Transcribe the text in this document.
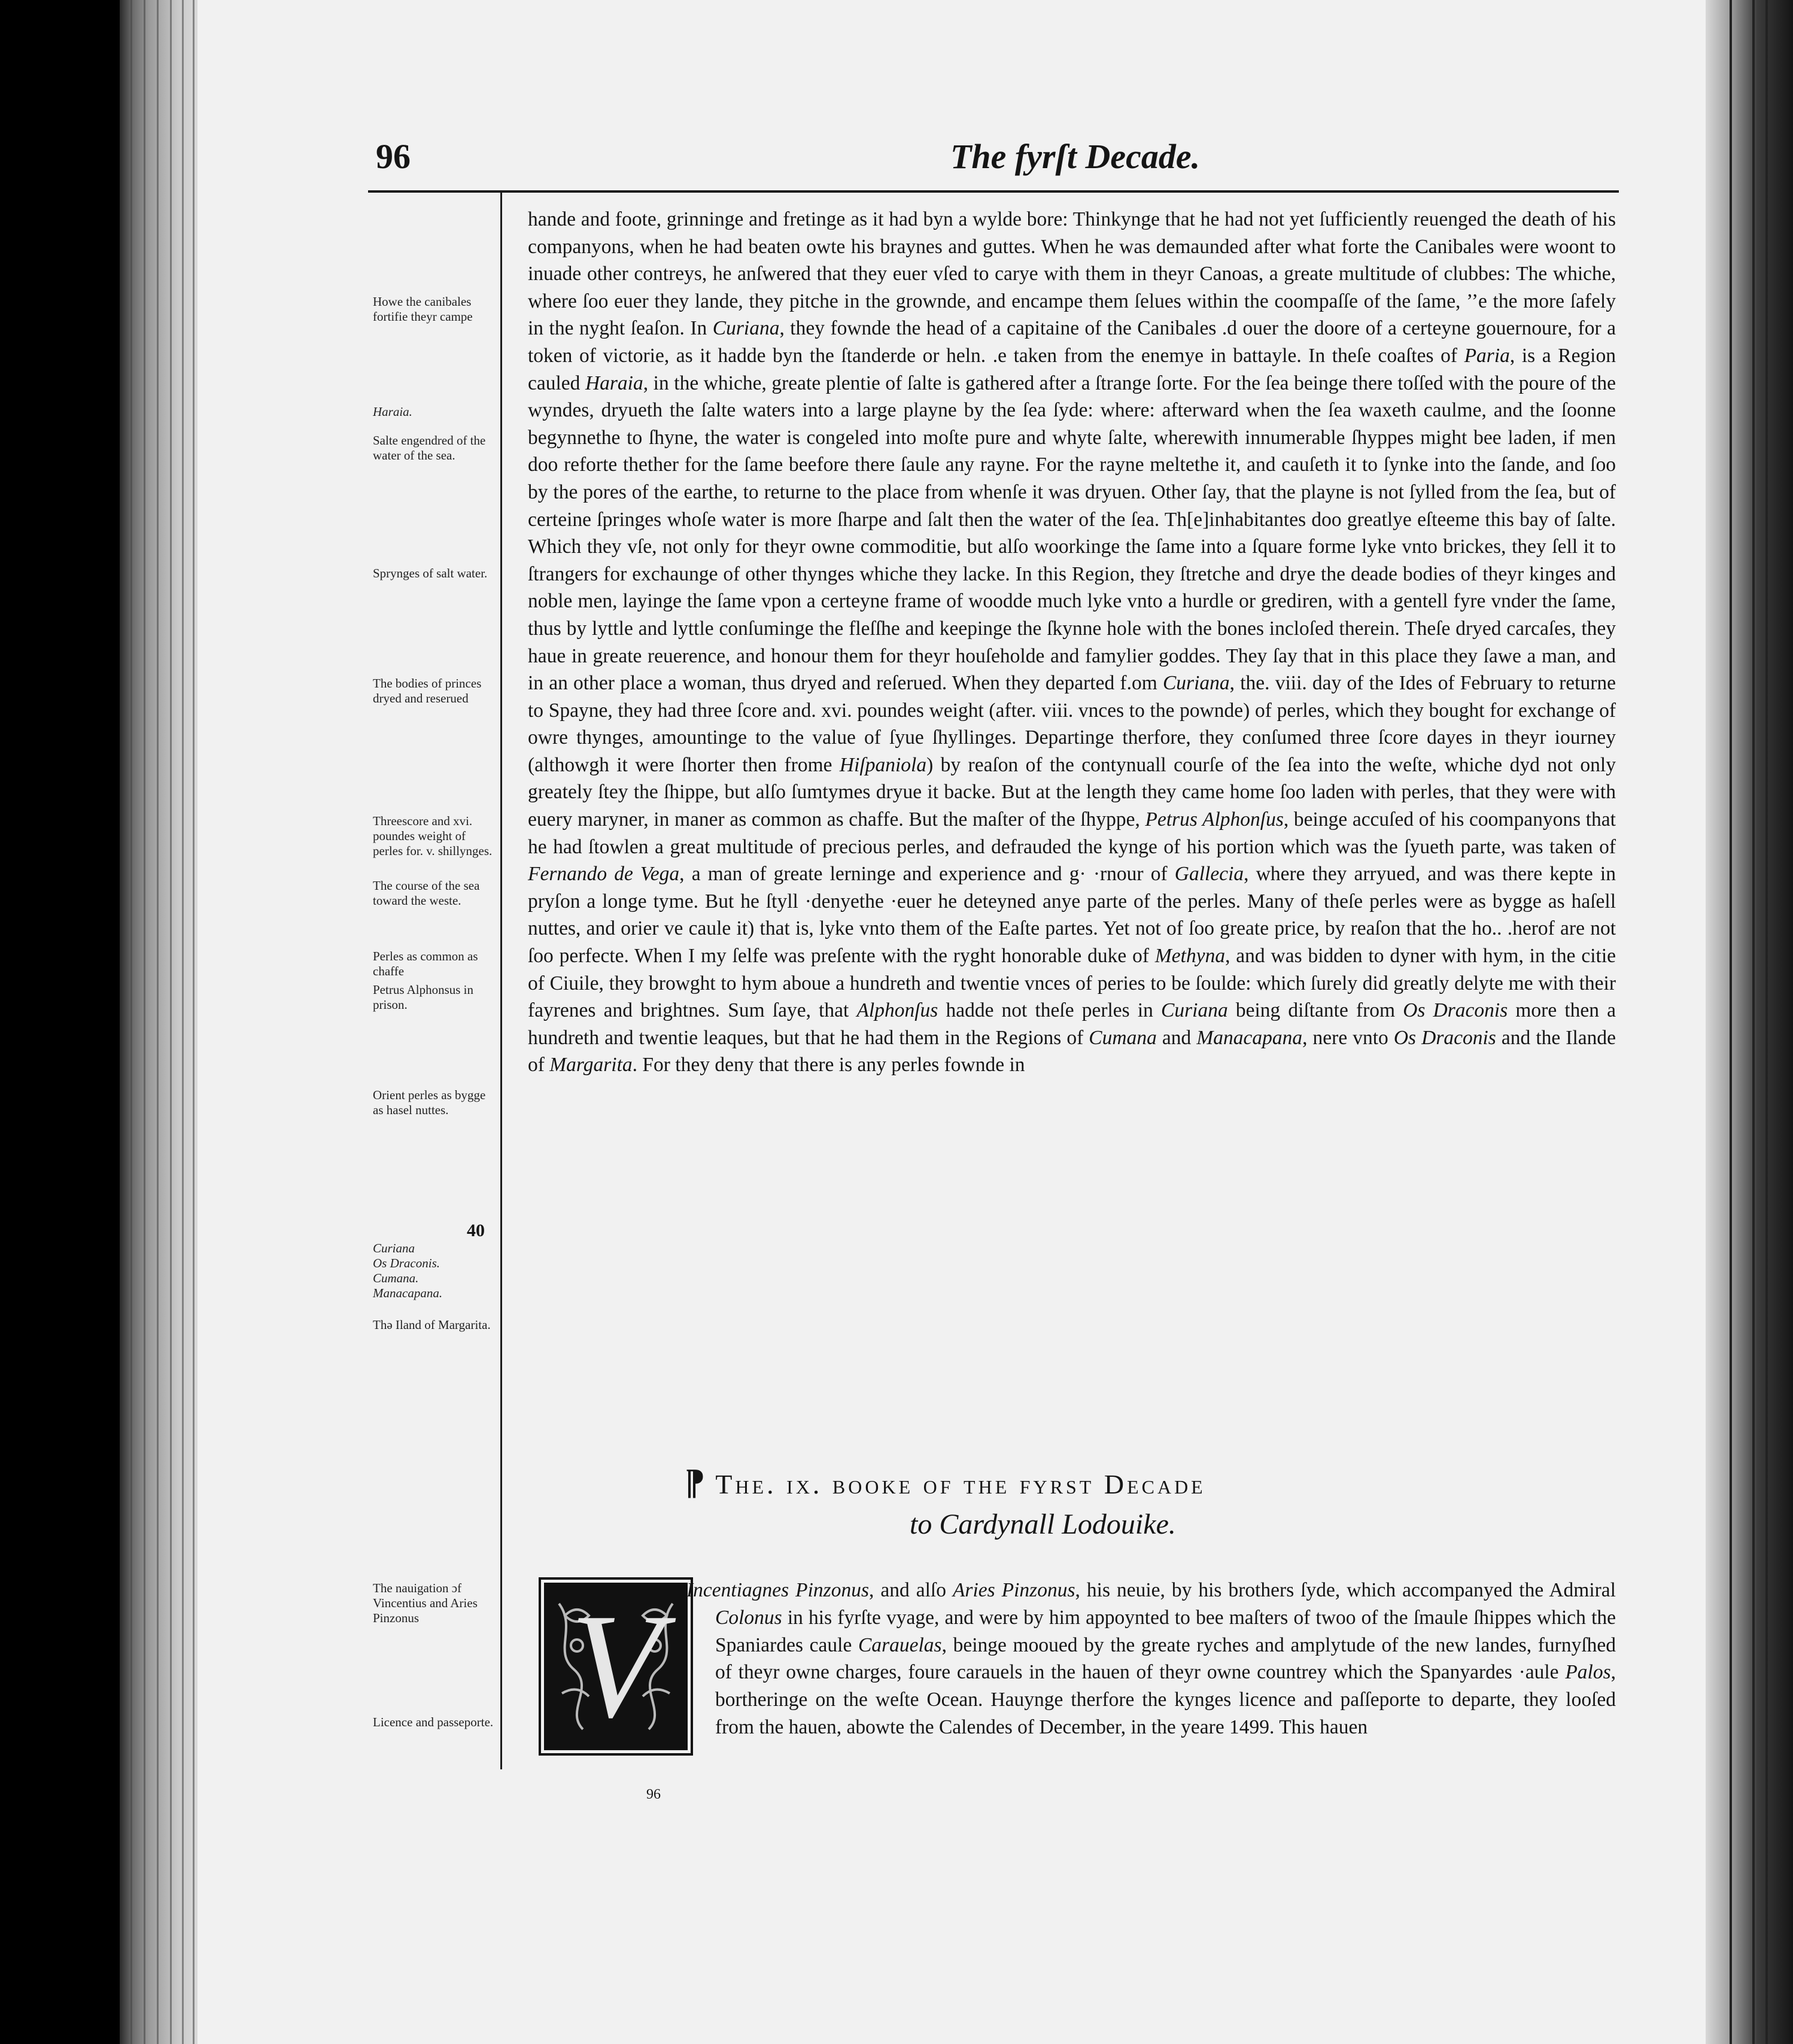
96	The fyrſt Decade.
Howe the canibales fortifie theyr campe
Haraia.
Salte engendred of the water of the sea.
Sprynges of salt water.
The bodies of princes dryed and reserued
Threescore and xvi. poundes weight of perles for. v. shillynges.
The course of the sea toward the weste.
Perles as common as chaffe
Petrus Alphonsus in prison.
Orient perles as bygge as hasel nuttes.
40
Curiana
Os Draconis.
Cumana.
Manacapana.
Thə Iland of Margarita.
The nauigation ɔf Vincentius and Aries Pinzonus
Licence and passeporte.

hande and foote, grinninge and fretinge as it had byn a wylde bore: Thinkynge that he had not yet ſufficiently reuenged the death of his companyons, when he had beaten owte his braynes and guttes. When he was demaunded after what forte the Canibales were woont to inuade other contreys, he anſwered that they euer vſed to carye with them in theyr Canoas, a greate multitude of clubbes: The whiche, where ſoo euer they lande, they pitche in the grownde, and encampe them ſelues within the coompaſſe of the ſame, ’’e the more ſafely in the nyght ſeaſon. In Curiana, they fownde the head of a capitaine of the Canibales .d ouer the doore of a certeyne gouernoure, for a token of victorie, as it hadde byn the ſtanderde or heln. .e taken from the enemye in battayle. In theſe coaſtes of Paria, is a Region cauled Haraia, in the whiche, greate plentie of ſalte is gathered after a ſtrange ſorte. For the ſea beinge there toſſed with the poure of the wyndes, dryueth the ſalte waters into a large playne by the ſea ſyde: where: afterward when the ſea waxeth caulme, and the ſoonne begynnethe to ſhyne, the water is congeled into moſte pure and whyte ſalte, wherewith innumerable ſhyppes might bee laden, if men doo reforte thether for the ſame beefore there ſaule any rayne. For the rayne meltethe it, and cauſeth it to ſynke into the ſande, and ſoo by the pores of the earthe, to returne to the place from whenſe it was dryuen. Other ſay, that the playne is not ſylled from the ſea, but of certeine ſpringes whoſe water is more ſharpe and ſalt then the water of the ſea. Th[e]inhabitantes doo greatlye eſteeme this bay of ſalte. Which they vſe, not only for theyr owne commoditie, but alſo woorkinge the ſame into a ſquare forme lyke vnto brickes, they ſell it to ſtrangers for exchaunge of other thynges whiche they lacke. In this Region, they ſtretche and drye the deade bodies of theyr kinges and noble men, layinge the ſame vpon a certeyne frame of woodde much lyke vnto a hurdle or grediren, with a gentell fyre vnder the ſame, thus by lyttle and lyttle conſuminge the fleſſhe and keepinge the ſkynne hole with the bones incloſed therein. Theſe dryed carcaſes, they haue in greate reuerence, and honour them for theyr houſeholde and famylier goddes. They ſay that in this place they ſawe a man, and in an other place a woman, thus dryed and reſerued. When they departed f.om Curiana, the. viii. day of the Ides of February to returne to Spayne, they had three ſcore and. xvi. poundes weight (after. viii. vnces to the pownde) of perles, which they bought for exchange of owre thynges, amountinge to the value of ſyue ſhyllinges. Departinge therfore, they conſumed three ſcore dayes in theyr iourney (althowgh it were ſhorter then frome Hiſpaniola) by reaſon of the contynuall courſe of the ſea into the weſte, whiche dyd not only greately ſtey the ſhippe, but alſo ſumtymes dryue it backe. But at the length they came home ſoo laden with perles, that they were with euery maryner, in maner as common as chaffe. But the maſter of the ſhyppe, Petrus Alphonſus, beinge accuſed of his coompanyons that he had ſtowlen a great multitude of precious perles, and defrauded the kynge of his portion which was the ſyueth parte, was taken of Fernando de Vega, a man of greate lerninge and experience and g· ·rnour of Gallecia, where they arryued, and was there kepte in pryſon a longe tyme. But he ſtyll ·denyethe ·euer he deteyned anye parte of the perles. Many of theſe perles were as bygge as haſell nuttes, and orier ve caule it) that is, lyke vnto them of the Eaſte partes. Yet not of ſoo greate price, by reaſon that the ho.. .herof are not ſoo perfecte. When I my ſelfe was preſente with the ryght honorable duke of Methyna, and was bidden to dyner with hym, in the citie of Ciuile, they browght to hym aboue a hundreth and twentie vnces of peries to be ſoulde: which ſurely did greatly delyte me with their fayrenes and brightnes. Sum ſaye, that Alphonſus hadde not theſe perles in Curiana being diſtante from Os Draconis more then a hundreth and twentie leaques, but that he had them in the Regions of Cumana and Manacapana, nere vnto Os Draconis and the Ilande of Margarita. For they deny that there is any perles fownde in

¶ The. ix. booke of the fyrst Decade
to Cardynall Lodouike.
V	Incentiagnes Pinzonus, and alſo Aries Pinzonus, his neuie, by his brothers ſyde, which accompanyed the Admiral Colonus in his fyrſte vyage, and were by him appoynted to bee maſters of twoo of the ſmaule ſhippes which the Spaniardes caule Carauelas, beinge mooued by the greate ryches and amplytude of the new landes, furnyſhed of theyr owne charges, foure carauels in the hauen of theyr owne countrey which the Spanyardes ·aule Palos, bortheringe on the weſte Ocean. Hauynge therfore the kynges licence and paſſeporte to departe, they looſed from the hauen, abowte the Calendes of December, in the yeare 1499. This hauen

96
